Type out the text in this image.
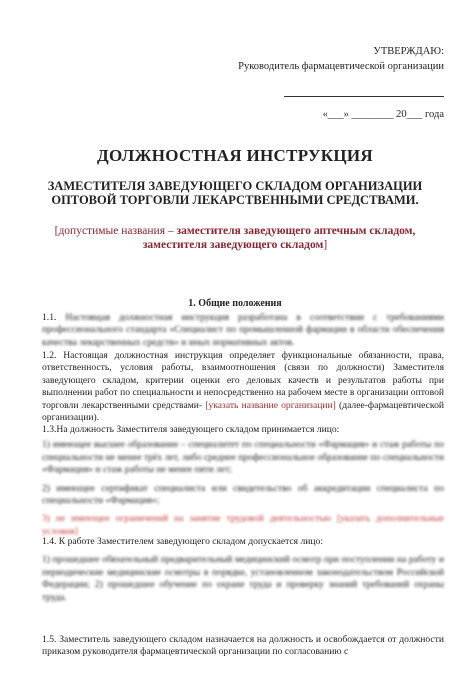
УТВЕРЖДАЮ:
Руководитель фармацевтической организации
«___» ________ 20___ года
ДОЛЖНОСТНАЯ ИНСТРУКЦИЯ
ЗАМЕСТИТЕЛЯ ЗАВЕДУЮЩЕГО СКЛАДОМ ОРГАНИЗАЦИИ ОПТОВОЙ ТОРГОВЛИ ЛЕКАРСТВЕННЫМИ СРЕДСТВАМИ.
[допустимые названия – заместителя заведующего аптечным складом, заместителя заведующего складом]
1. Общие положения
1.1. Настоящая должностная инструкция разработана в соответствии с требованиями профессионального стандарта «Специалист по промышленной фармации в области обеспечения качества лекарственных средств» и иных нормативных актов.
1.2. Настоящая должностная инструкция определяет функциональные обязанности, права, ответственность, условия работы, взаимоотношения (связи по должности) Заместителя заведующего складом, критерии оценки его деловых качеств и результатов работы при выполнении работ по специальности и непосредственно на рабочем месте в организации оптовой торговли лекарственными средствами- [указать название организации] (далее-фармацевтической организации).
1.3.На должность Заместителя заведующего складом принимается лицо:
1) имеющее высшее образование – специалитет по специальности «Фармация» и стаж работы по специальности не менее трёх лет, либо среднее профессиональное образование по специальности «Фармация» и стаж работы не менее пяти лет;
2) имеющее сертификат специалиста или свидетельство об аккредитации специалиста по специальности «Фармация»;
3) не имеющее ограничений на занятие трудовой деятельностью [указать дополнительные условия]
1.4. К работе Заместителем заведующего складом допускается лицо:
1) прошедшее обязательный предварительный медицинский осмотр при поступлении на работу и периодические медицинские осмотры в порядке, установленном законодательством Российской Федерации; 2) прошедшее обучение по охране труда и проверку знаний требований охраны труда.
1.5. Заместитель заведующего складом назначается на должность и освобождается от должности приказом руководителя фармацевтической организации по согласованию с
